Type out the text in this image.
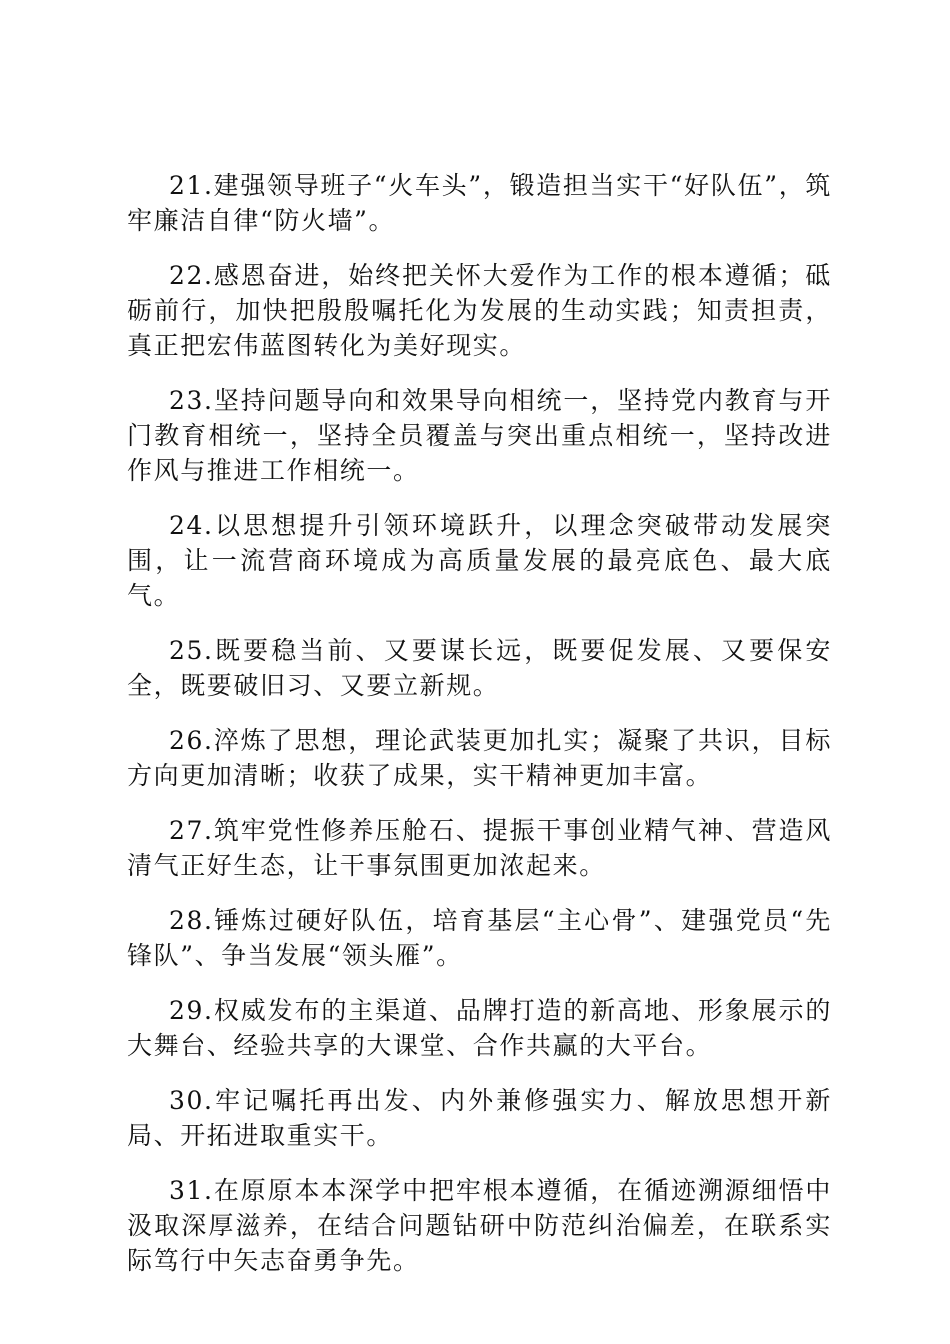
21.建强领导班子“火车头”，锻造担当实干“好队伍”，筑牢廉洁自律“防火墙”。

22.感恩奋进，始终把关怀大爱作为工作的根本遵循；砥砺前行，加快把殷殷嘱托化为发展的生动实践；知责担责，真正把宏伟蓝图转化为美好现实。

23.坚持问题导向和效果导向相统一，坚持党内教育与开门教育相统一，坚持全员覆盖与突出重点相统一，坚持改进作风与推进工作相统一。

24.以思想提升引领环境跃升，以理念突破带动发展突围，让一流营商环境成为高质量发展的最亮底色、最大底气。

25.既要稳当前、又要谋长远，既要促发展、又要保安全，既要破旧习、又要立新规。

26.淬炼了思想，理论武装更加扎实；凝聚了共识，目标方向更加清晰；收获了成果，实干精神更加丰富。

27.筑牢党性修养压舱石、提振干事创业精气神、营造风清气正好生态，让干事氛围更加浓起来。

28.锤炼过硬好队伍，培育基层“主心骨”、建强党员“先锋队”、争当发展“领头雁”。

29.权威发布的主渠道、品牌打造的新高地、形象展示的大舞台、经验共享的大课堂、合作共赢的大平台。

30.牢记嘱托再出发、内外兼修强实力、解放思想开新局、开拓进取重实干。

31.在原原本本深学中把牢根本遵循，在循迹溯源细悟中汲取深厚滋养，在结合问题钻研中防范纠治偏差，在联系实际笃行中矢志奋勇争先。
